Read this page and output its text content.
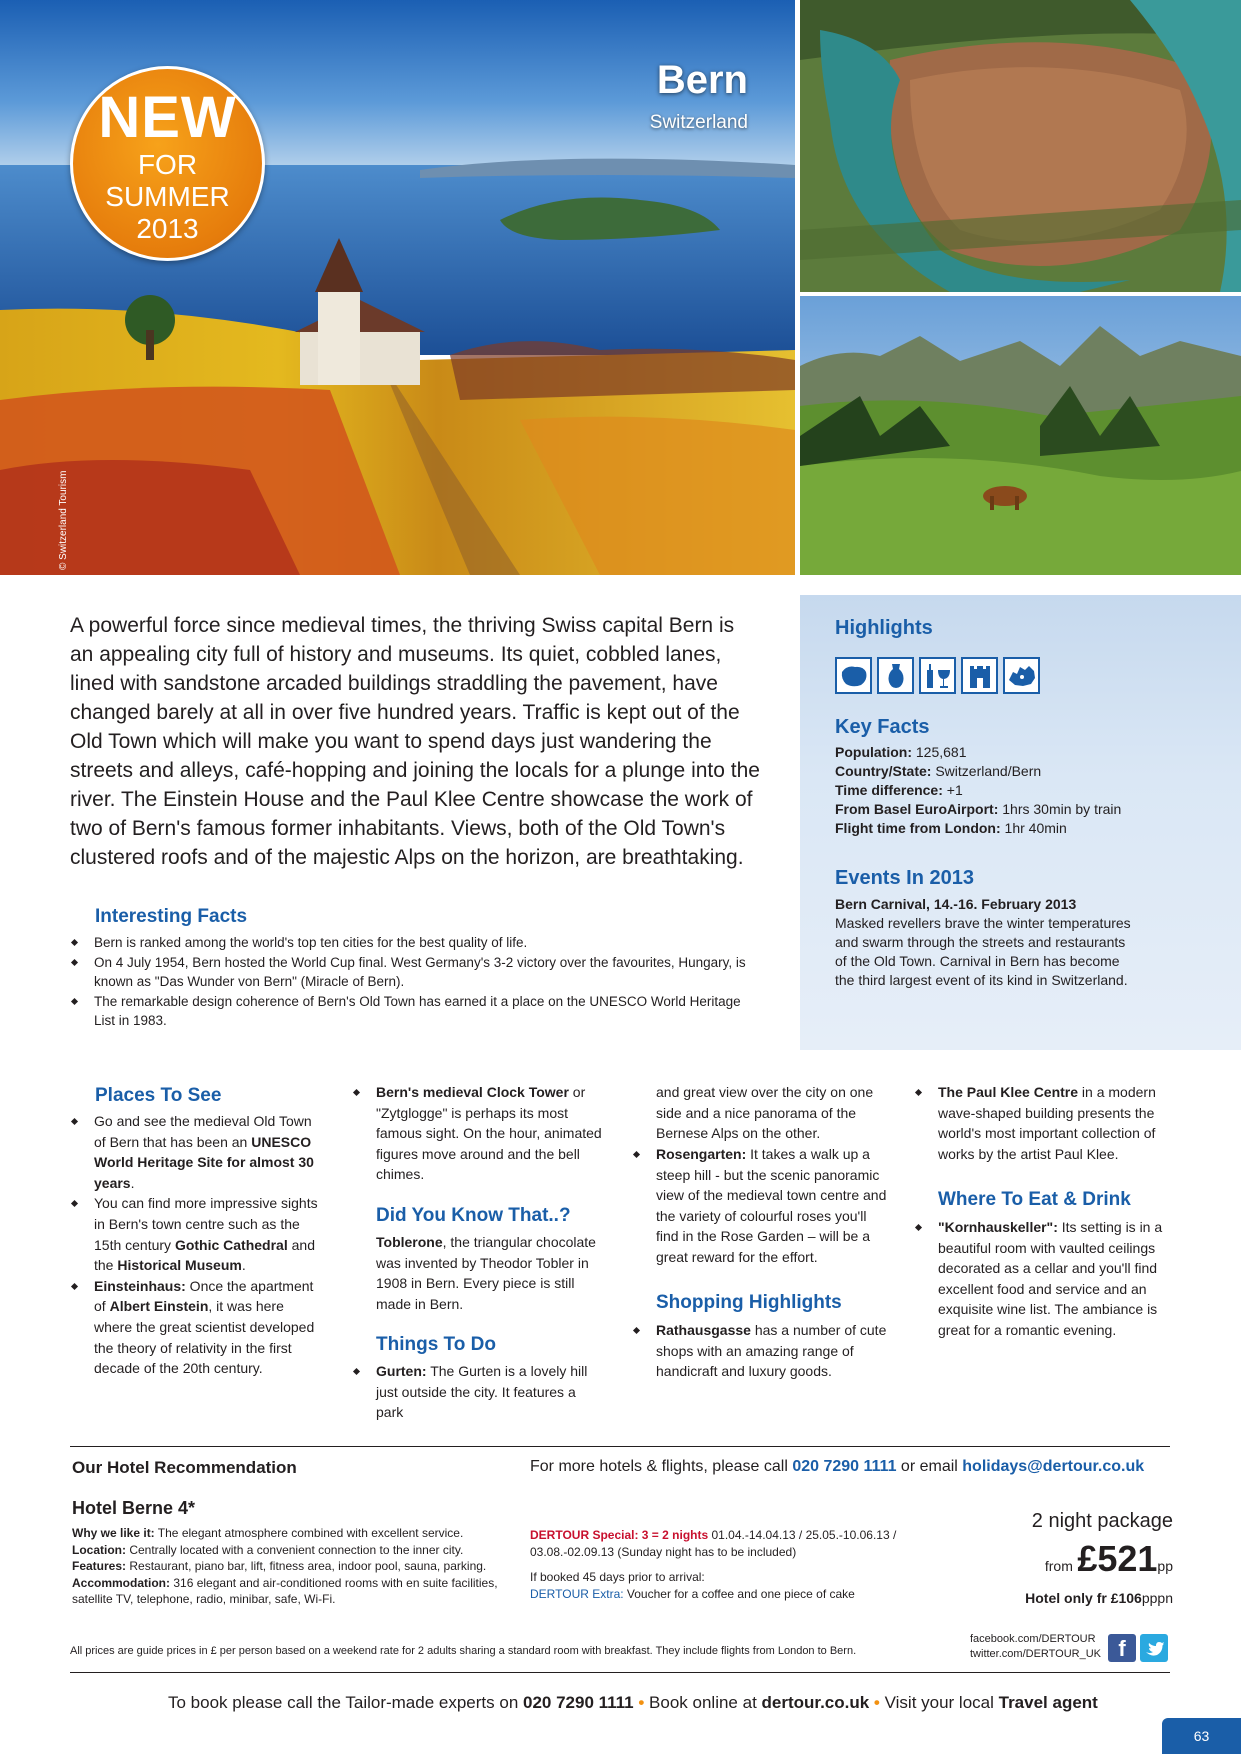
NEW
FOR SUMMER
2013
Bern
Switzerland
© Switzerland Tourism

A powerful force since medieval times, the thriving Swiss capital Bern is an appealing city full of history and museums. Its quiet, cobbled lanes, lined with sandstone arcaded buildings straddling the pavement, have changed barely at all in over five hundred years. Traffic is kept out of the Old Town which will make you want to spend days just wandering the streets and alleys, café-hopping and joining the locals for a plunge into the river. The Einstein House and the Paul Klee Centre showcase the work of two of Bern's famous former inhabitants. Views, both of the Old Town's clustered roofs and of the majestic Alps on the horizon, are breathtaking.

Highlights
Key Facts
Population: 125,681
Country/State: Switzerland/Bern
Time difference: +1
From Basel EuroAirport: 1hrs 30min by train
Flight time from London: 1hr 40min
Events In 2013
Bern Carnival, 14.-16. February 2013
Masked revellers brave the winter temperatures and swarm through the streets and restaurants of the Old Town. Carnival in Bern has become the third largest event of its kind in Switzerland.
Interesting Facts
Bern is ranked among the world's top ten cities for the best quality of life.
On 4 July 1954, Bern hosted the World Cup final. West Germany's 3-2 victory over the favourites, Hungary, is known as "Das Wunder von Bern" (Miracle of Bern).
The remarkable design coherence of Bern's Old Town has earned it a place on the UNESCO World Heritage List in 1983.
Places To See
Go and see the medieval Old Town of Bern that has been an UNESCO World Heritage Site for almost 30 years.
You can find more impressive sights in Bern's town centre such as the 15th century Gothic Cathedral and the Historical Museum.
Einsteinhaus: Once the apartment of Albert Einstein, it was here where the great scientist developed the theory of relativity in the first decade of the 20th century.
Bern's medieval Clock Tower or "Zytglogge" is perhaps its most famous sight. On the hour, animated figures move around and the bell chimes.
Did You Know That..?
Toblerone, the triangular chocolate was invented by Theodor Tobler in 1908 in Bern. Every piece is still made in Bern.
Things To Do
Gurten: The Gurten is a lovely hill just outside the city. It features a park
and great view over the city on one side and a nice panorama of the Bernese Alps on the other.
Rosengarten: It takes a walk up a steep hill - but the scenic panoramic view of the medieval town centre and the variety of colourful roses you'll find in the Rose Garden – will be a great reward for the effort.
Shopping Highlights
Rathausgasse has a number of cute shops with an amazing range of handicraft and luxury goods.
The Paul Klee Centre in a modern wave-shaped building presents the world's most important collection of works by the artist Paul Klee.
Where To Eat & Drink
"Kornhauskeller": Its setting is in a beautiful room with vaulted ceilings decorated as a cellar and you'll find excellent food and service and an exquisite wine list. The ambiance is great for a romantic evening.
Our Hotel Recommendation	For more hotels & flights, please call 020 7290 1111 or email holidays@dertour.co.uk
Hotel Berne 4*
Why we like it: The elegant atmosphere combined with excellent service.
Location: Centrally located with a convenient connection to the inner city.
Features: Restaurant, piano bar, lift, fitness area, indoor pool, sauna, parking.
Accommodation: 316 elegant and air-conditioned rooms with en suite facilities, satellite TV, telephone, radio, minibar, safe, Wi-Fi.
DERTOUR Special: 3 = 2 nights 01.04.-14.04.13 / 25.05.-10.06.13 / 03.08.-02.09.13 (Sunday night has to be included)
If booked 45 days prior to arrival:
DERTOUR Extra: Voucher for a coffee and one piece of cake
2 night package
from £521pp
Hotel only fr £106pppn
All prices are guide prices in £ per person based on a weekend rate for 2 adults sharing a standard room with breakfast. They include flights from London to Bern.
facebook.com/DERTOUR
twitter.com/DERTOUR_UK f
To book please call the Tailor-made experts on 020 7290 1111 • Book online at dertour.co.uk • Visit your local Travel agent
63
